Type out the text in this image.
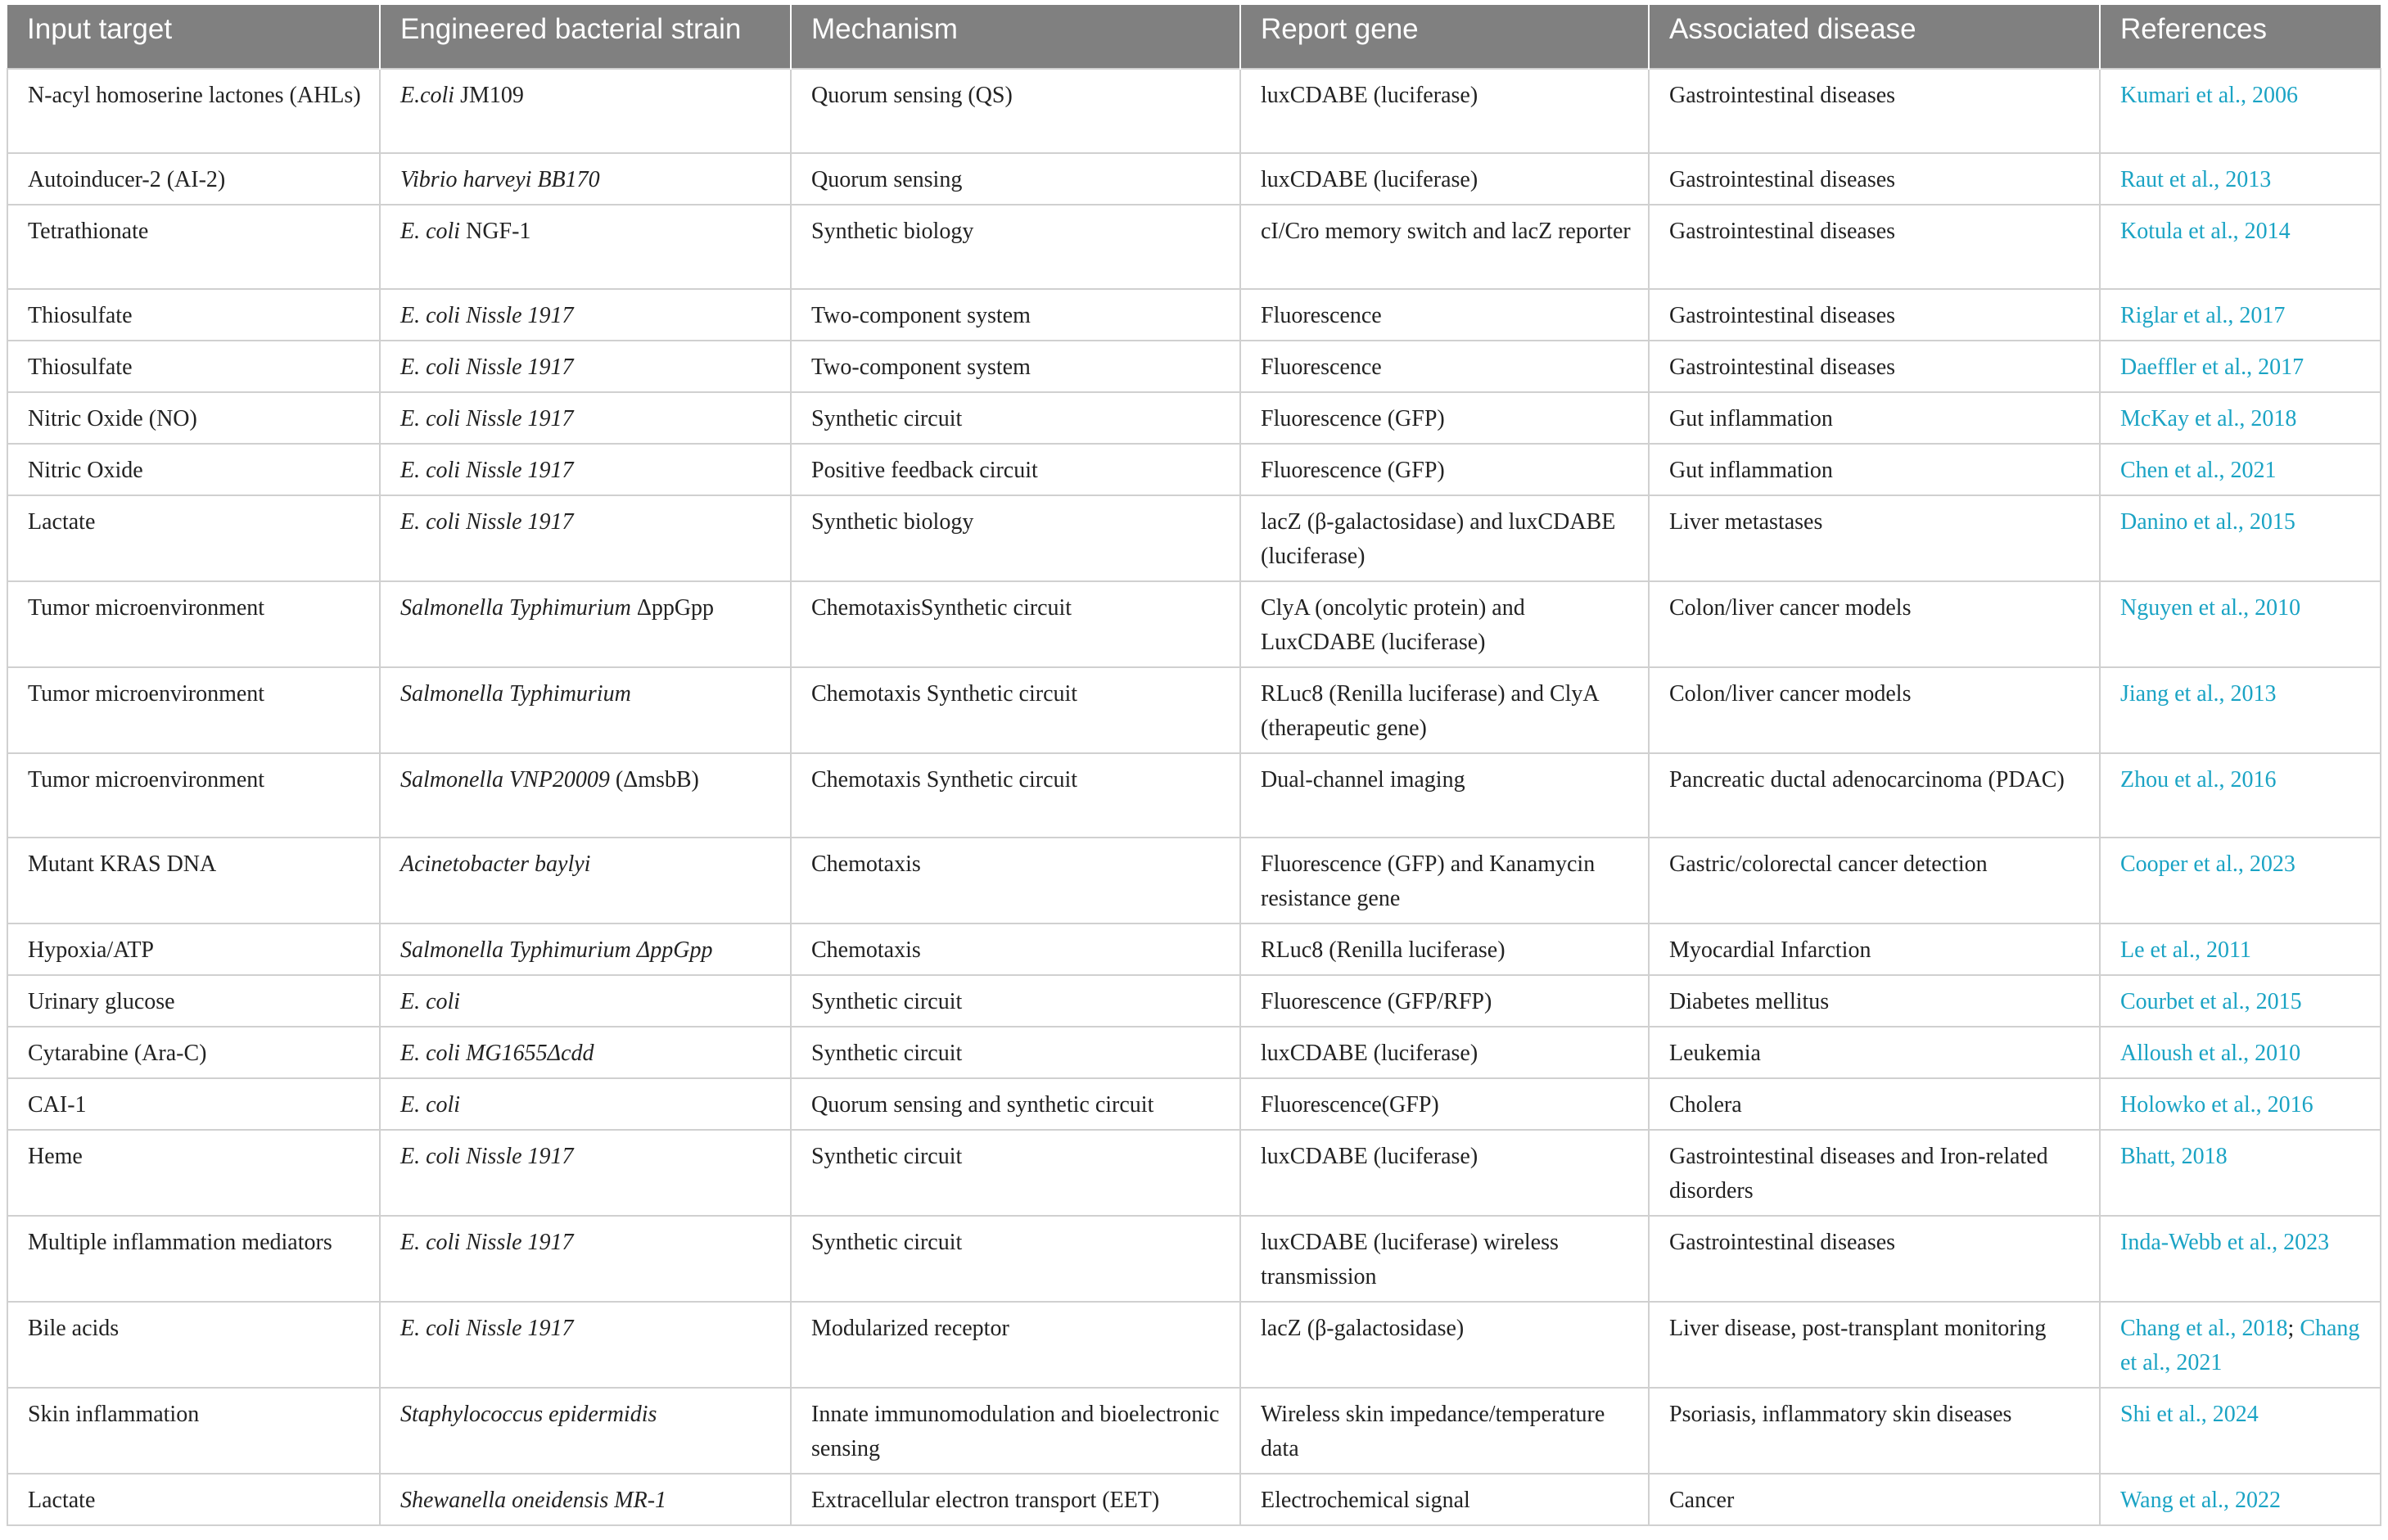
Input target	Engineered bacterial strain	Mechanism	Report gene	Associated disease	References
N-acyl homoserine lactones (AHLs)	E.coli JM109	Quorum sensing (QS)	luxCDABE (luciferase)	Gastrointestinal diseases	Kumari et al., 2006
Autoinducer-2 (AI-2)	Vibrio harveyi BB170	Quorum sensing	luxCDABE (luciferase)	Gastrointestinal diseases	Raut et al., 2013
Tetrathionate	E. coli NGF-1	Synthetic biology	cI/Cro memory switch and lacZ reporter	Gastrointestinal diseases	Kotula et al., 2014
Thiosulfate	E. coli Nissle 1917	Two-component system	Fluorescence	Gastrointestinal diseases	Riglar et al., 2017
Thiosulfate	E. coli Nissle 1917	Two-component system	Fluorescence	Gastrointestinal diseases	Daeffler et al., 2017
Nitric Oxide (NO)	E. coli Nissle 1917	Synthetic circuit	Fluorescence (GFP)	Gut inflammation	McKay et al., 2018
Nitric Oxide	E. coli Nissle 1917	Positive feedback circuit	Fluorescence (GFP)	Gut inflammation	Chen et al., 2021
Lactate	E. coli Nissle 1917	Synthetic biology	lacZ (β-galactosidase) and luxCDABE (luciferase)	Liver metastases	Danino et al., 2015
Tumor microenvironment	Salmonella Typhimurium ΔppGpp	ChemotaxisSynthetic circuit	ClyA (oncolytic protein) and LuxCDABE (luciferase)	Colon/liver cancer models	Nguyen et al., 2010
Tumor microenvironment	Salmonella Typhimurium	Chemotaxis Synthetic circuit	RLuc8 (Renilla luciferase) and ClyA (therapeutic gene)	Colon/liver cancer models	Jiang et al., 2013
Tumor microenvironment	Salmonella VNP20009 (ΔmsbB)	Chemotaxis Synthetic circuit	Dual-channel imaging	Pancreatic ductal adenocarcinoma (PDAC)	Zhou et al., 2016
Mutant KRAS DNA	Acinetobacter baylyi	Chemotaxis	Fluorescence (GFP) and Kanamycin resistance gene	Gastric/colorectal cancer detection	Cooper et al., 2023
Hypoxia/ATP	Salmonella Typhimurium ΔppGpp	Chemotaxis	RLuc8 (Renilla luciferase)	Myocardial Infarction	Le et al., 2011
Urinary glucose	E. coli	Synthetic circuit	Fluorescence (GFP/RFP)	Diabetes mellitus	Courbet et al., 2015
Cytarabine (Ara-C)	E. coli MG1655Δcdd	Synthetic circuit	luxCDABE (luciferase)	Leukemia	Alloush et al., 2010
CAI-1	E. coli	Quorum sensing and synthetic circuit	Fluorescence(GFP)	Cholera	Holowko et al., 2016
Heme	E. coli Nissle 1917	Synthetic circuit	luxCDABE (luciferase)	Gastrointestinal diseases and Iron-related disorders	Bhatt, 2018
Multiple inflammation mediators	E. coli Nissle 1917	Synthetic circuit	luxCDABE (luciferase) wireless transmission	Gastrointestinal diseases	Inda-Webb et al., 2023
Bile acids	E. coli Nissle 1917	Modularized receptor	lacZ (β-galactosidase)	Liver disease, post-transplant monitoring	Chang et al., 2018; Chang et al., 2021
Skin inflammation	Staphylococcus epidermidis	Innate immunomodulation and bioelectronic sensing	Wireless skin impedance/temperature data	Psoriasis, inflammatory skin diseases	Shi et al., 2024
Lactate	Shewanella oneidensis MR-1	Extracellular electron transport (EET)	Electrochemical signal	Cancer	Wang et al., 2022
